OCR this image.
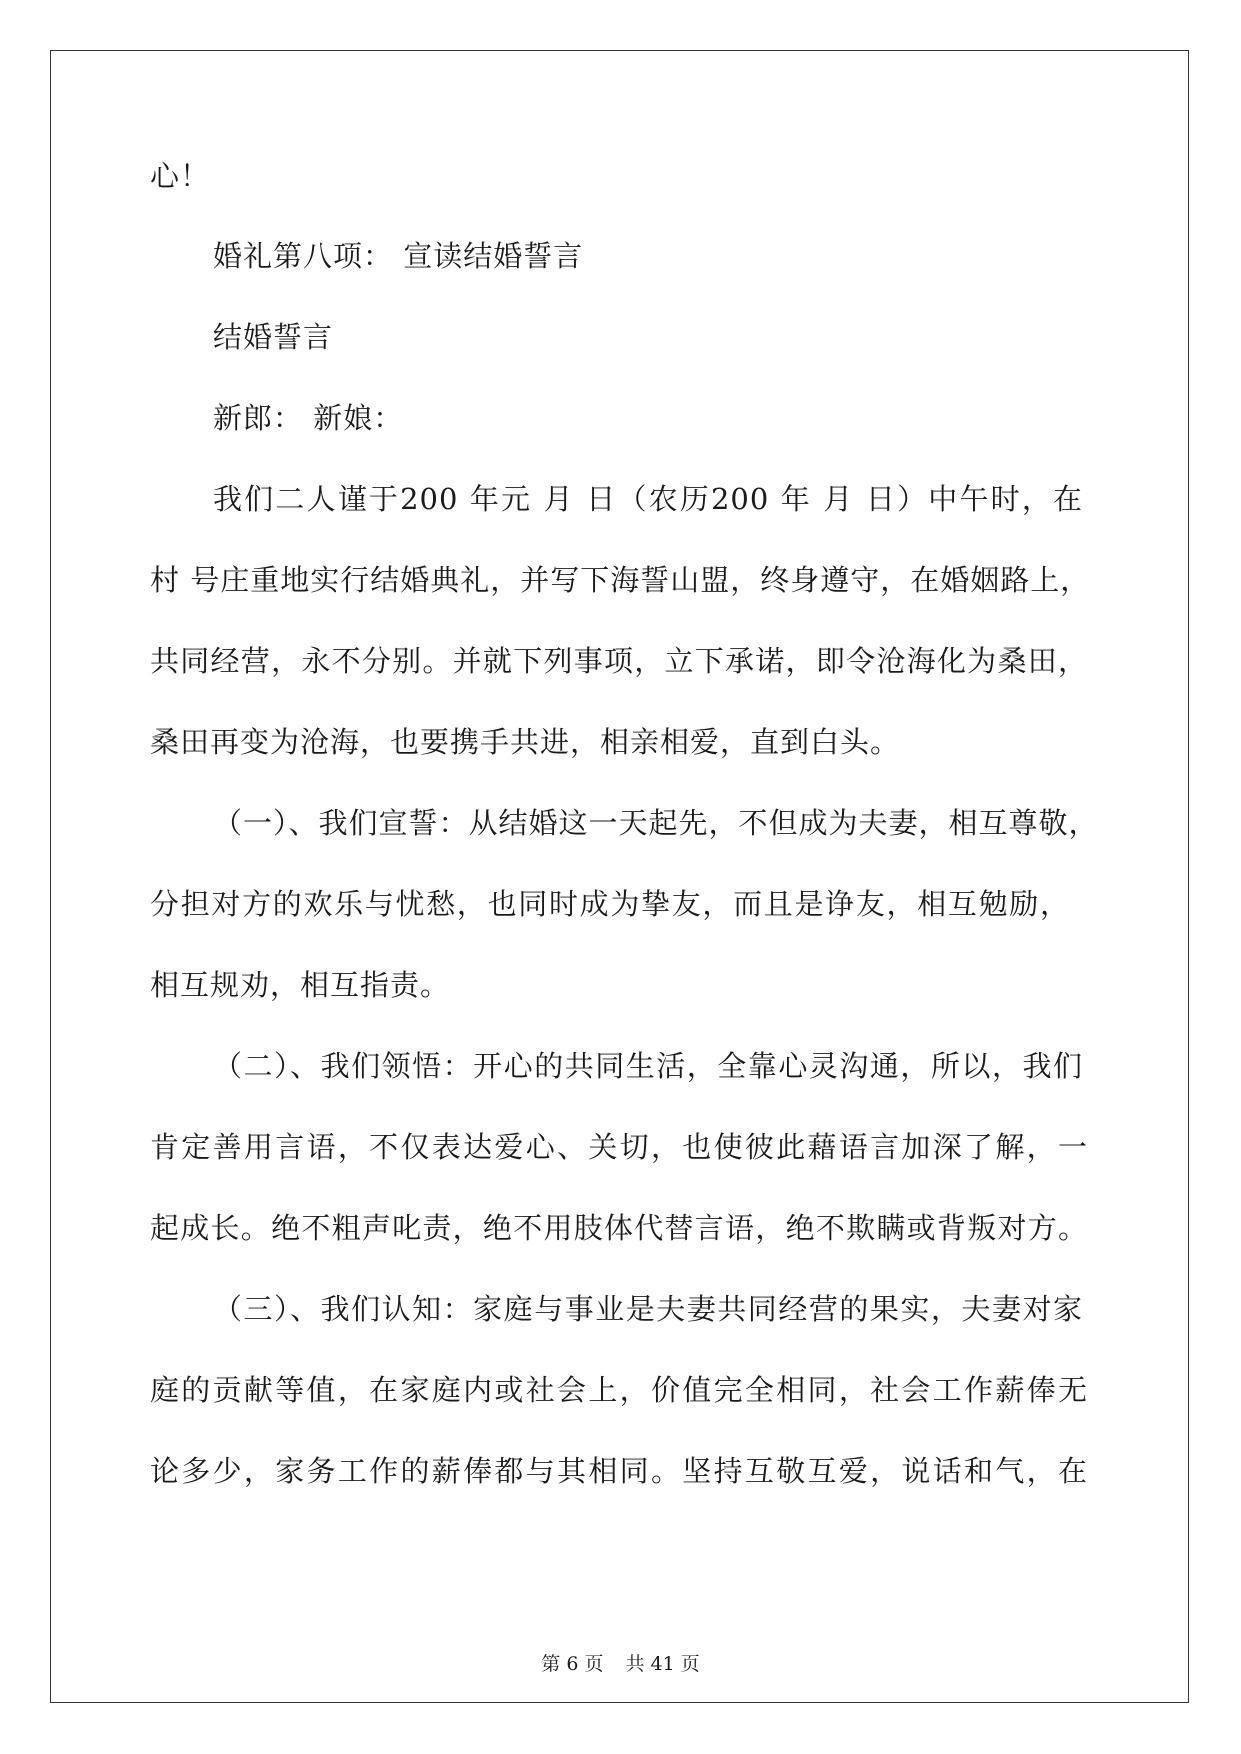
心！
婚礼第八项： 宣读结婚誓言
结婚誓言
新郎： 新娘：
我们二人谨于200 年元 月 日（农历200 年 月 日）中午时，在
村 号庄重地实行结婚典礼，并写下海誓山盟，终身遵守，在婚姻路上，
共同经营，永不分别。并就下列事项，立下承诺，即令沧海化为桑田，
桑田再变为沧海，也要携手共进，相亲相爱，直到白头。
（一）、我们宣誓：从结婚这一天起先，不但成为夫妻，相互尊敬，
分担对方的欢乐与忧愁，也同时成为挚友，而且是诤友，相互勉励，
相互规劝，相互指责。
（二）、我们领悟：开心的共同生活，全靠心灵沟通，所以，我们
肯定善用言语，不仅表达爱心、关切，也使彼此藉语言加深了解，一
起成长。绝不粗声叱责，绝不用肢体代替言语，绝不欺瞒或背叛对方。
（三）、我们认知：家庭与事业是夫妻共同经营的果实，夫妻对家
庭的贡献等值，在家庭内或社会上，价值完全相同，社会工作薪俸无
论多少，家务工作的薪俸都与其相同。坚持互敬互爱，说话和气，在
第 6 页 共 41 页
